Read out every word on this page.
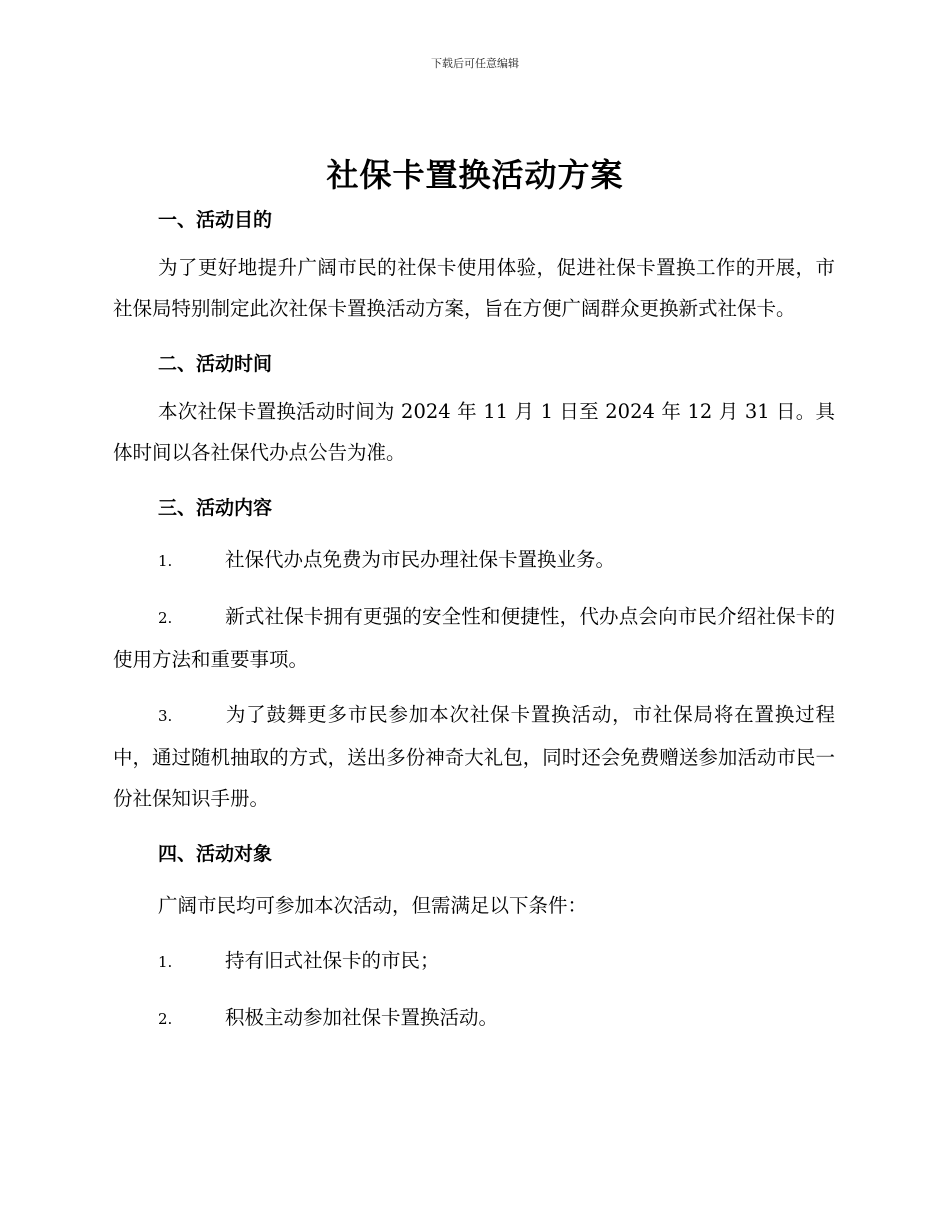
下载后可任意编辑
社保卡置换活动方案
一、活动目的

为了更好地提升广阔市民的社保卡使用体验，促进社保卡置换工作的开展，市社保局特别制定此次社保卡置换活动方案，旨在方便广阔群众更换新式社保卡。

二、活动时间

本次社保卡置换活动时间为 2024 年 11 月 1 日至 2024 年 12 月 31 日。具体时间以各社保代办点公告为准。

三、活动内容

1.	社保代办点免费为市民办理社保卡置换业务。

2.	新式社保卡拥有更强的安全性和便捷性，代办点会向市民介绍社保卡的使用方法和重要事项。

3.	为了鼓舞更多市民参加本次社保卡置换活动，市社保局将在置换过程中，通过随机抽取的方式，送出多份神奇大礼包，同时还会免费赠送参加活动市民一份社保知识手册。

四、活动对象

广阔市民均可参加本次活动，但需满足以下条件：

1.	持有旧式社保卡的市民；

2.	积极主动参加社保卡置换活动。
